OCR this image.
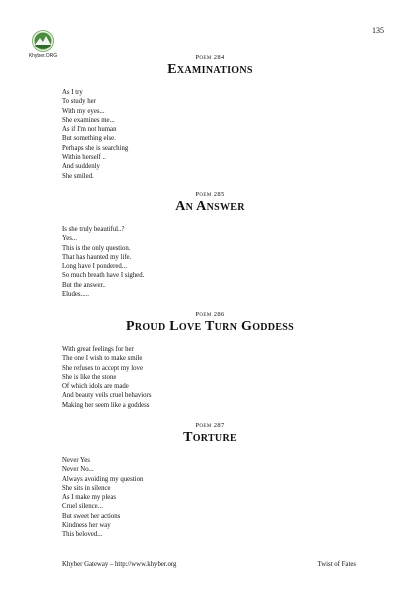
135
Khyber.ORG	Poem 284

Examinations

As I try
To study her
With my eyes...
She examines me...
As if I'm not human
But something else.
Perhaps she is searching
Within herself ..
And suddenly
She smiled.

Poem 285

An Answer

Is she truly beautiful..?
Yes...
This is the only question.
That has haunted my life.
Long have I pondered...
So much breath have I sighed.
But the answer..
Eludes.....

Poem 286

Proud Love Turn Goddess

With great feelings for her
The one I wish to make smile
She refuses to accept my love
She is like the stone
Of which idols are made
And beauty veils cruel behaviors
Making her seem like a goddess

Poem 287

Torture

Never Yes
Never No...
Always avoiding my question
She sits in silence
As I make my pleas
Cruel silence...
But sweet her actions
Kindness her way
This beloved...
Khyber Gateway – http://www.khyber.org	Twist of Fates
